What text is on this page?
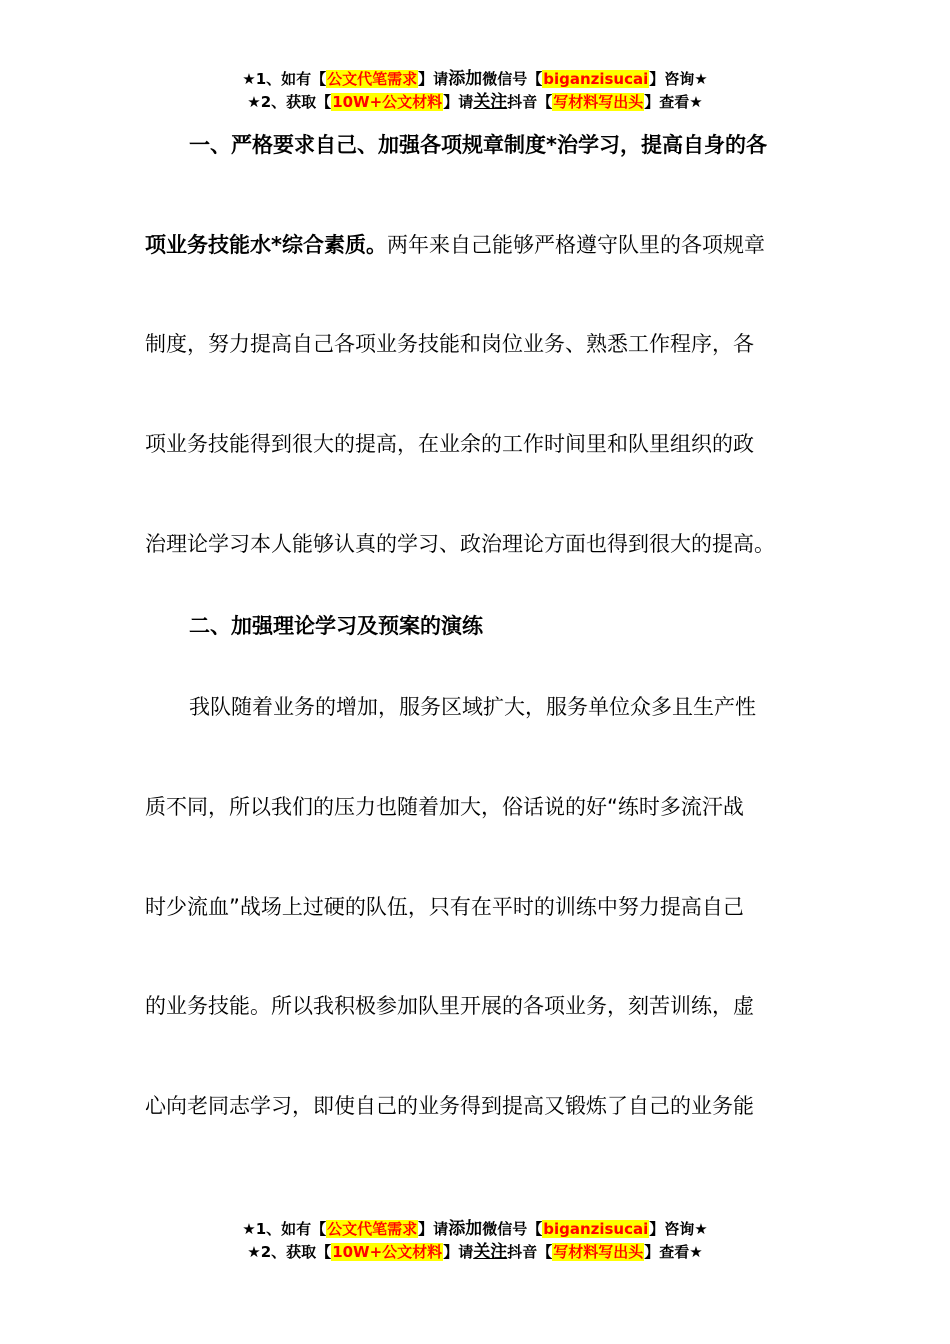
★1、如有【公文代笔需求】请添加微信号【biganzisucai】咨询★
★2、获取【10W+公文材料】请关注抖音【写材料写出头】查看★
一、严格要求自己、加强各项规章制度*治学习，提高自身的各
项业务技能水*综合素质。两年来自己能够严格遵守队里的各项规章
制度，努力提高自己各项业务技能和岗位业务、熟悉工作程序，各
项业务技能得到很大的提高，在业余的工作时间里和队里组织的政
治理论学习本人能够认真的学习、政治理论方面也得到很大的提高。
二、加强理论学习及预案的演练
我队随着业务的增加，服务区域扩大，服务单位众多且生产性
质不同，所以我们的压力也随着加大，俗话说的好“练时多流汗战
时少流血”战场上过硬的队伍，只有在平时的训练中努力提高自己
的业务技能。所以我积极参加队里开展的各项业务，刻苦训练，虚
心向老同志学习，即使自己的业务得到提高又锻炼了自己的业务能
★1、如有【公文代笔需求】请添加微信号【biganzisucai】咨询★
★2、获取【10W+公文材料】请关注抖音【写材料写出头】查看★
